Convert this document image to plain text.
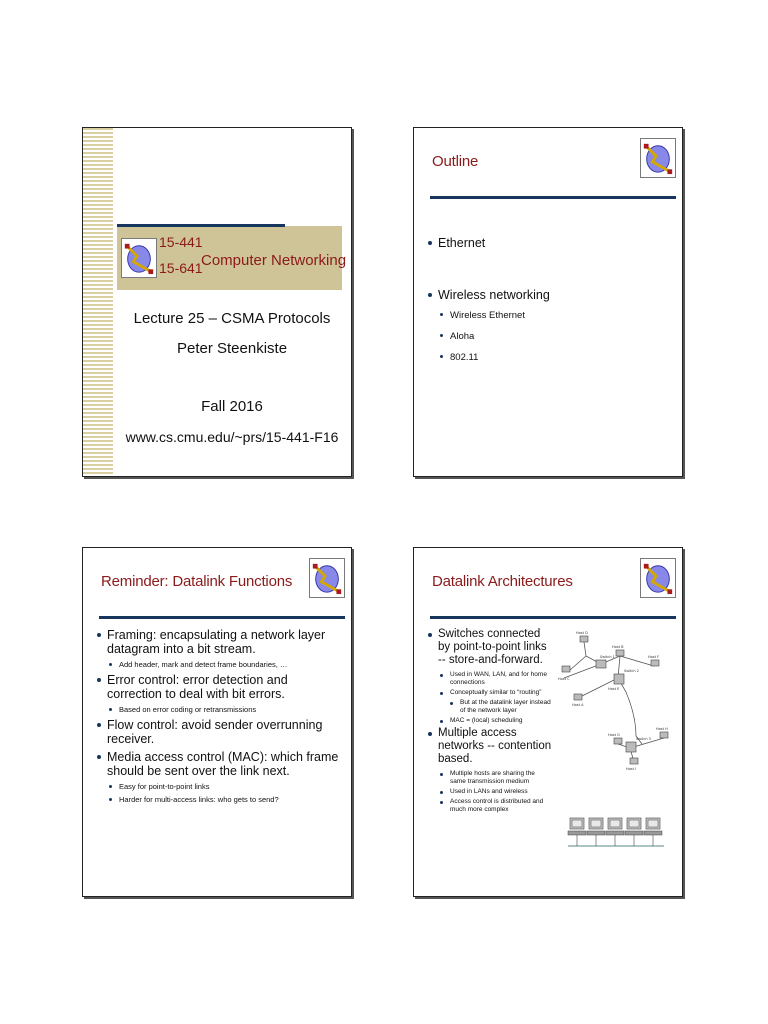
15-441
15-641
Computer Networking
Lecture 25 – CSMA Protocols
Peter Steenkiste
Fall 2016
www.cs.cmu.edu/~prs/15-441-F16
Outline
Ethernet
Wireless networking
Wireless Ethernet
Aloha
802.11
Reminder: Datalink Functions
Framing: encapsulating a network layer datagram into a bit stream.
Add header, mark and detect frame boundaries, …
Error control: error detection and correction to deal with bit errors.
Based on error coding or retransmissions
Flow control: avoid sender overrunning receiver.
Media access control (MAC): which frame should be sent over the link next.
Easy for point-to-point links
Harder for multi-access links: who gets to send?
Datalink Architectures
Switches connected by point-to-point links -- store-and-forward.
Used in WAN, LAN, and for home connections
Conceptually similar to “routing”
But at the datalink layer instead of the network layer
MAC = (local) scheduling
Multiple access networks -- contention based.
Multiple hosts are sharing the same transmission medium
Used in LANs and wireless
Access control is distributed and much more complex
Host D
Host B
Host F
Host C
Host A
Switch 1
Switch 2
Host G
Switch 3
Host H
Host I
Host E
